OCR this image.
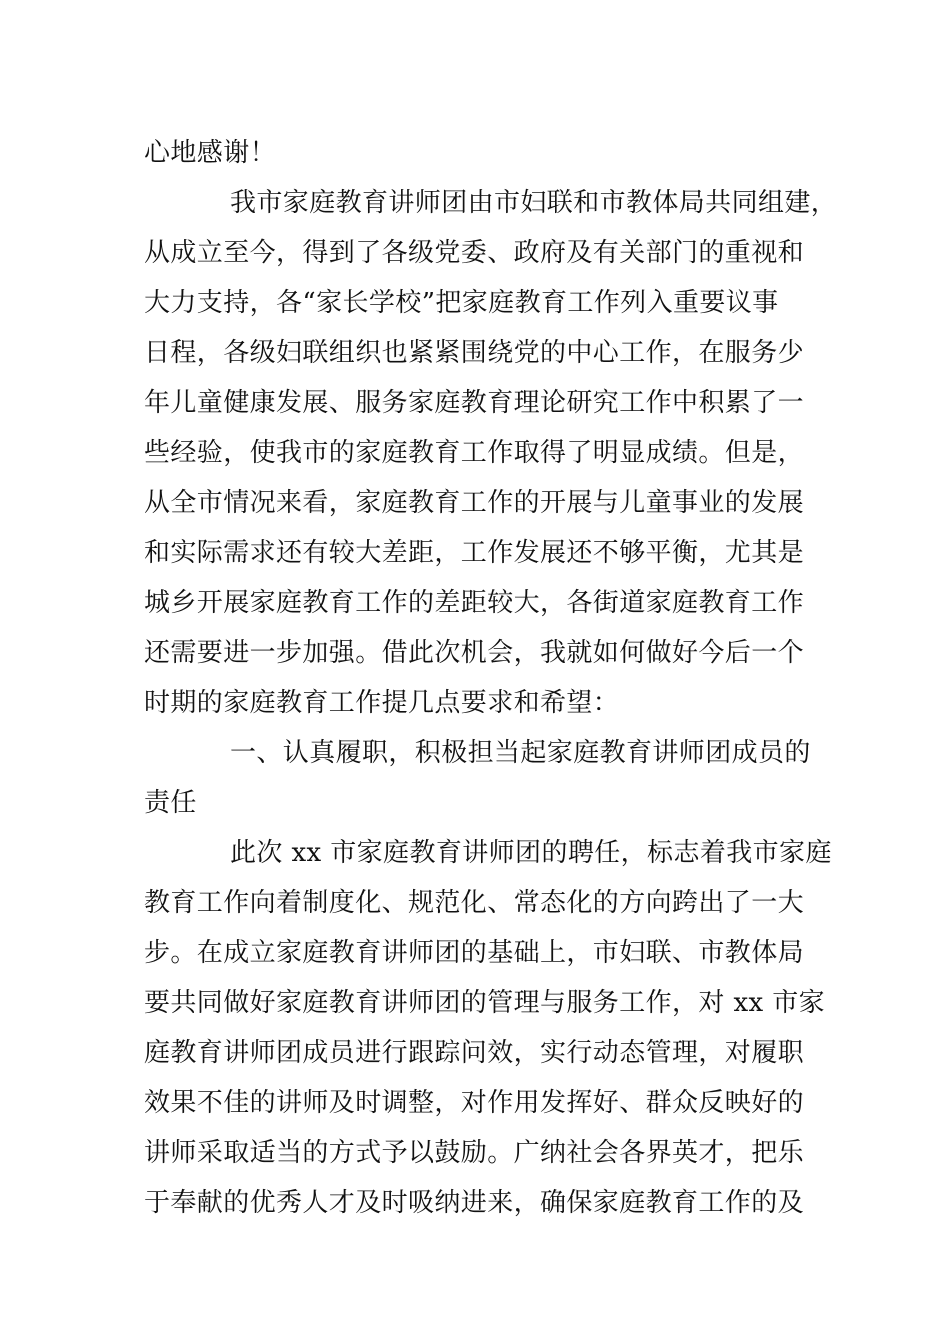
心地感谢！
我市家庭教育讲师团由市妇联和市教体局共同组建，
从成立至今，得到了各级党委、政府及有关部门的重视和
大力支持，各“家长学校”把家庭教育工作列入重要议事
日程，各级妇联组织也紧紧围绕党的中心工作，在服务少
年儿童健康发展、服务家庭教育理论研究工作中积累了一
些经验，使我市的家庭教育工作取得了明显成绩。但是，
从全市情况来看，家庭教育工作的开展与儿童事业的发展
和实际需求还有较大差距，工作发展还不够平衡，尤其是
城乡开展家庭教育工作的差距较大，各街道家庭教育工作
还需要进一步加强。借此次机会，我就如何做好今后一个
时期的家庭教育工作提几点要求和希望：
一、认真履职，积极担当起家庭教育讲师团成员的
责任
此次 xx 市家庭教育讲师团的聘任，标志着我市家庭
教育工作向着制度化、规范化、常态化的方向跨出了一大
步。在成立家庭教育讲师团的基础上，市妇联、市教体局
要共同做好家庭教育讲师团的管理与服务工作，对 xx 市家
庭教育讲师团成员进行跟踪问效，实行动态管理，对履职
效果不佳的讲师及时调整，对作用发挥好、群众反映好的
讲师采取适当的方式予以鼓励。广纳社会各界英才，把乐
于奉献的优秀人才及时吸纳进来，确保家庭教育工作的及
